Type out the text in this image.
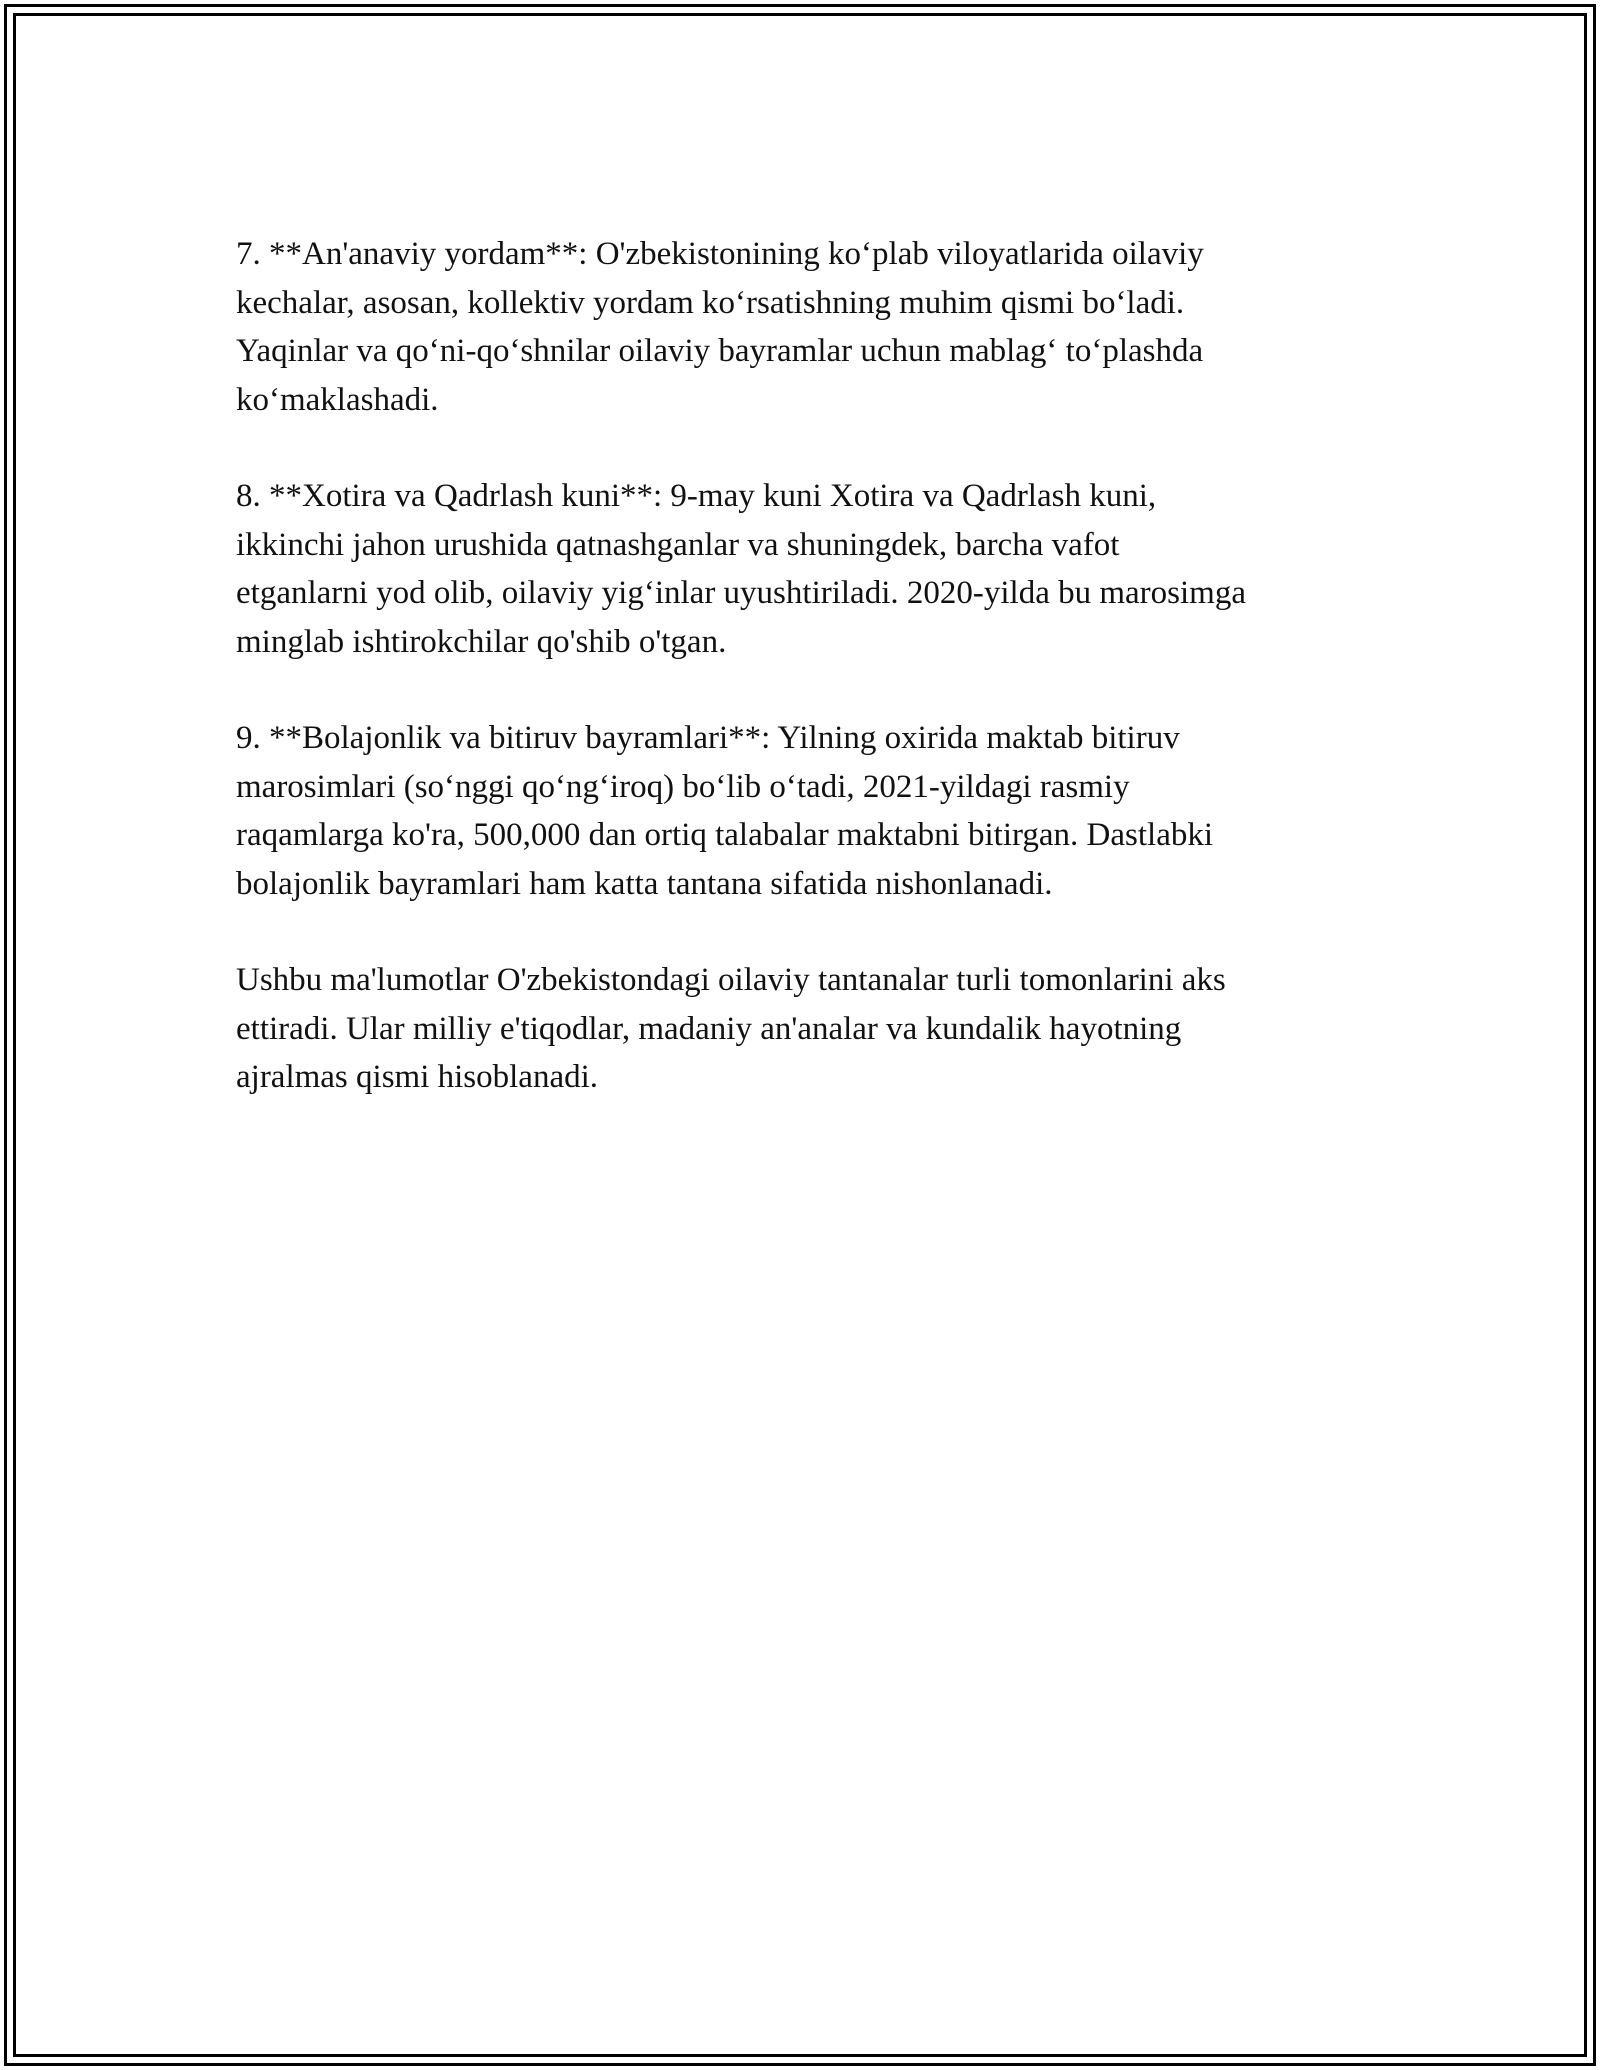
7. **An'anaviy yordam**: O'zbekistonining ko‘plab viloyatlarida oilaviy
kechalar, asosan, kollektiv yordam ko‘rsatishning muhim qismi bo‘ladi.
Yaqinlar va qo‘ni-qo‘shnilar oilaviy bayramlar uchun mablag‘ to‘plashda
ko‘maklashadi.

8. **Xotira va Qadrlash kuni**: 9-may kuni Xotira va Qadrlash kuni,
ikkinchi jahon urushida qatnashganlar va shuningdek, barcha vafot
etganlarni yod olib, oilaviy yig‘inlar uyushtiriladi. 2020-yilda bu marosimga
minglab ishtirokchilar qo'shib o'tgan.

9. **Bolajonlik va bitiruv bayramlari**: Yilning oxirida maktab bitiruv
marosimlari (so‘nggi qo‘ng‘iroq) bo‘lib o‘tadi, 2021-yildagi rasmiy
raqamlarga ko'ra, 500,000 dan ortiq talabalar maktabni bitirgan. Dastlabki
bolajonlik bayramlari ham katta tantana sifatida nishonlanadi.

Ushbu ma'lumotlar O'zbekistondagi oilaviy tantanalar turli tomonlarini aks
ettiradi. Ular milliy e'tiqodlar, madaniy an'analar va kundalik hayotning
ajralmas qismi hisoblanadi.
